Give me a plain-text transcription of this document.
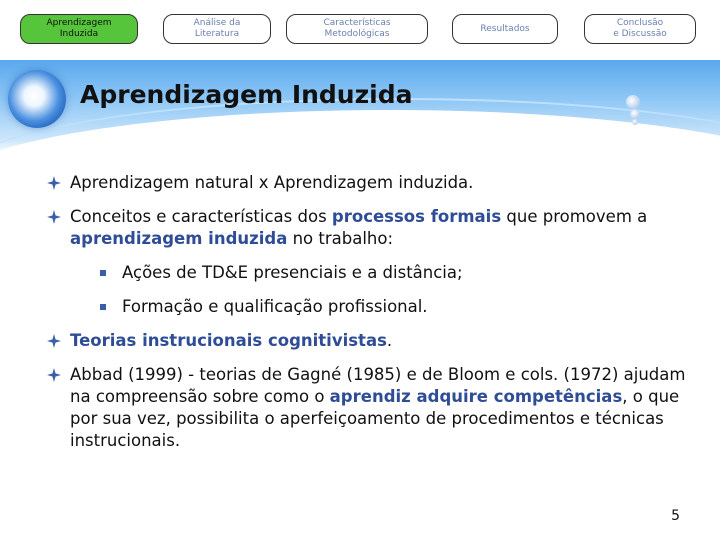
Aprendizagem
Induzida
Análise da
Literatura
Características
Metodológicas
Resultados
Conclusão
e Discussão
Aprendizagem Induzida
Aprendizagem natural x Aprendizagem induzida.
Conceitos e características dos processos formais que promovem a aprendizagem induzida no trabalho:
Ações de TD&E presenciais e a distância;
Formação e qualificação profissional.
Teorias instrucionais cognitivistas.
Abbad (1999) - teorias de Gagné (1985) e de Bloom e cols. (1972) ajudam na compreensão sobre como o aprendiz adquire competências, o que por sua vez, possibilita o aperfeiçoamento de procedimentos e técnicas instrucionais.
5
